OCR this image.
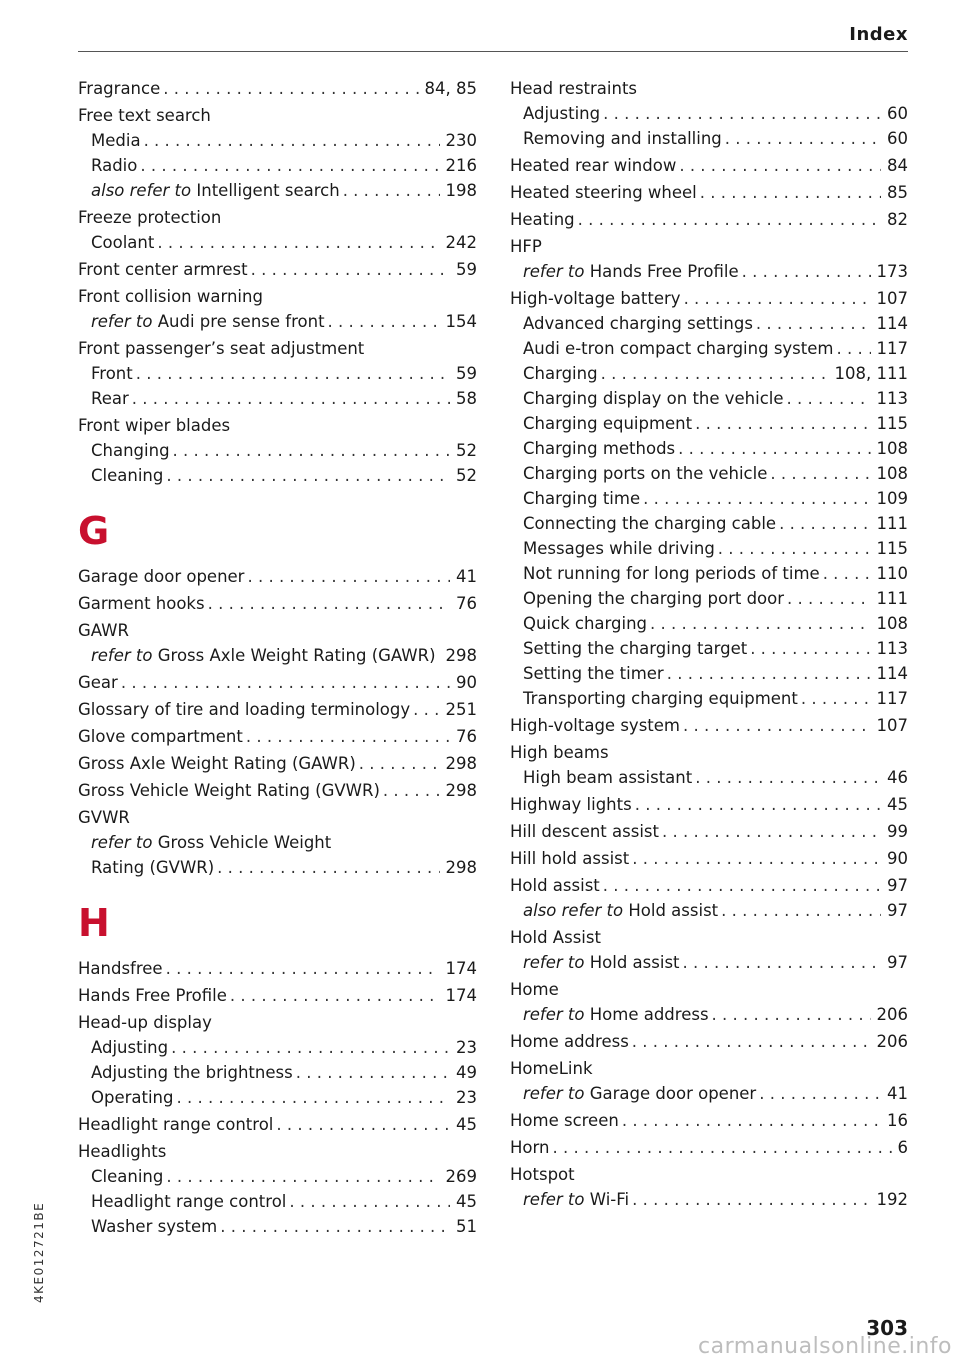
Index
Fragrance . . .	84, 85
Free text search
Media . . .	230
Radio . . .	216
also refer to Intelligent search . . .	198
Freeze protection
Coolant . . .	242
Front center armrest . . .	59
Front collision warning
refer to Audi pre sense front . . .	154
Front passenger’s seat adjustment
Front . . .	59
Rear . . .	58
Front wiper blades
Changing . . .	52
Cleaning . . .	52
G
Garage door opener . . .	41
Garment hooks . . .	76
GAWR
refer to Gross Axle Weight Rating (GAWR) . . . 298
Gear . . .	90
Glossary of tire and loading terminology . . . 251
Glove compartment . . .	76
Gross Axle Weight Rating (GAWR) . . .	298
Gross Vehicle Weight Rating (GVWR) . . .	298
GVWR
refer to Gross Vehicle Weight
Rating (GVWR) . . .	298
H
Handsfree . . .	174
Hands Free Profile . . .	174
Head-up display
Adjusting . . .	23
Adjusting the brightness . . .	49
Operating . . .	23
Headlight range control . . .	45
Headlights
Cleaning . . .	269
Headlight range control . . .	45
Washer system . . .	51
Head restraints
Adjusting . . .	60
Removing and installing . . .	60
Heated rear window . . .	84
Heated steering wheel . . .	85
Heating . . .	82
HFP
refer to Hands Free Profile . . .	173
High-voltage battery . . .	107
Advanced charging settings . . .	114
Audi e-tron compact charging system . . .	117
Charging . . .	108, 111
Charging display on the vehicle . . .	113
Charging equipment . . .	115
Charging methods . . .	108
Charging ports on the vehicle . . .	108
Charging time . . .	109
Connecting the charging cable . . .	111
Messages while driving . . .	115
Not running for long periods of time . . .	110
Opening the charging port door . . .	111
Quick charging . . .	108
Setting the charging target . . .	113
Setting the timer . . .	114
Transporting charging equipment . . .	117
High-voltage system . . .	107
High beams
High beam assistant . . .	46
Highway lights . . .	45
Hill descent assist . . .	99
Hill hold assist . . .	90
Hold assist . . .	97
also refer to Hold assist . . .	97
Hold Assist
refer to Hold assist . . .	97
Home
refer to Home address . . .	206
Home address . . .	206
HomeLink
refer to Garage door opener . . .	41
Home screen . . .	16
Horn . . .	6
Hotspot
refer to Wi-Fi . . .	192
4KE012721BE
303
carmanualsonline.info
